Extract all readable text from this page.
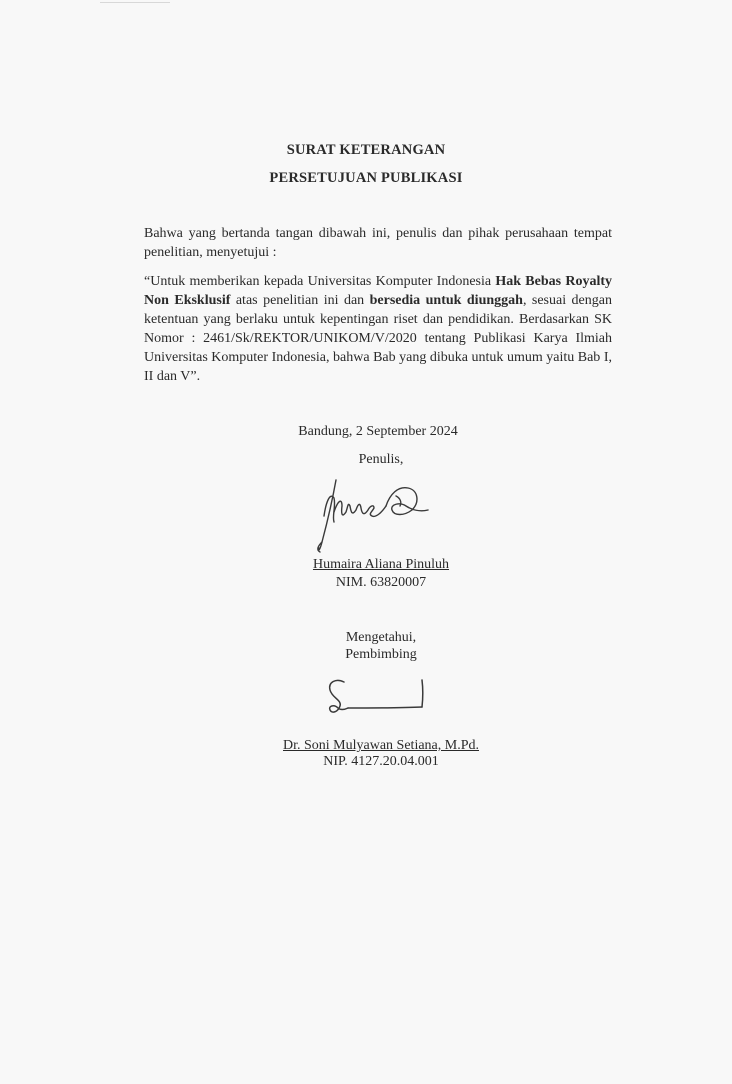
SURAT KETERANGAN
PERSETUJUAN PUBLIKASI
Bahwa yang bertanda tangan dibawah ini, penulis dan pihak perusahaan tempat penelitian, menyetujui :
“Untuk memberikan kepada Universitas Komputer Indonesia Hak Bebas Royalty Non Eksklusif atas penelitian ini dan bersedia untuk diunggah, sesuai dengan ketentuan yang berlaku untuk kepentingan riset dan pendidikan. Berdasarkan SK Nomor : 2461/Sk/REKTOR/UNIKOM/V/2020 tentang Publikasi Karya Ilmiah Universitas Komputer Indonesia, bahwa Bab yang dibuka untuk umum yaitu Bab I, II dan V”.
Bandung, 2 September 2024
Penulis,
Humaira Aliana Pinuluh
NIM. 63820007
Mengetahui,
Pembimbing
Dr. Soni Mulyawan Setiana, M.Pd.
NIP. 4127.20.04.001
